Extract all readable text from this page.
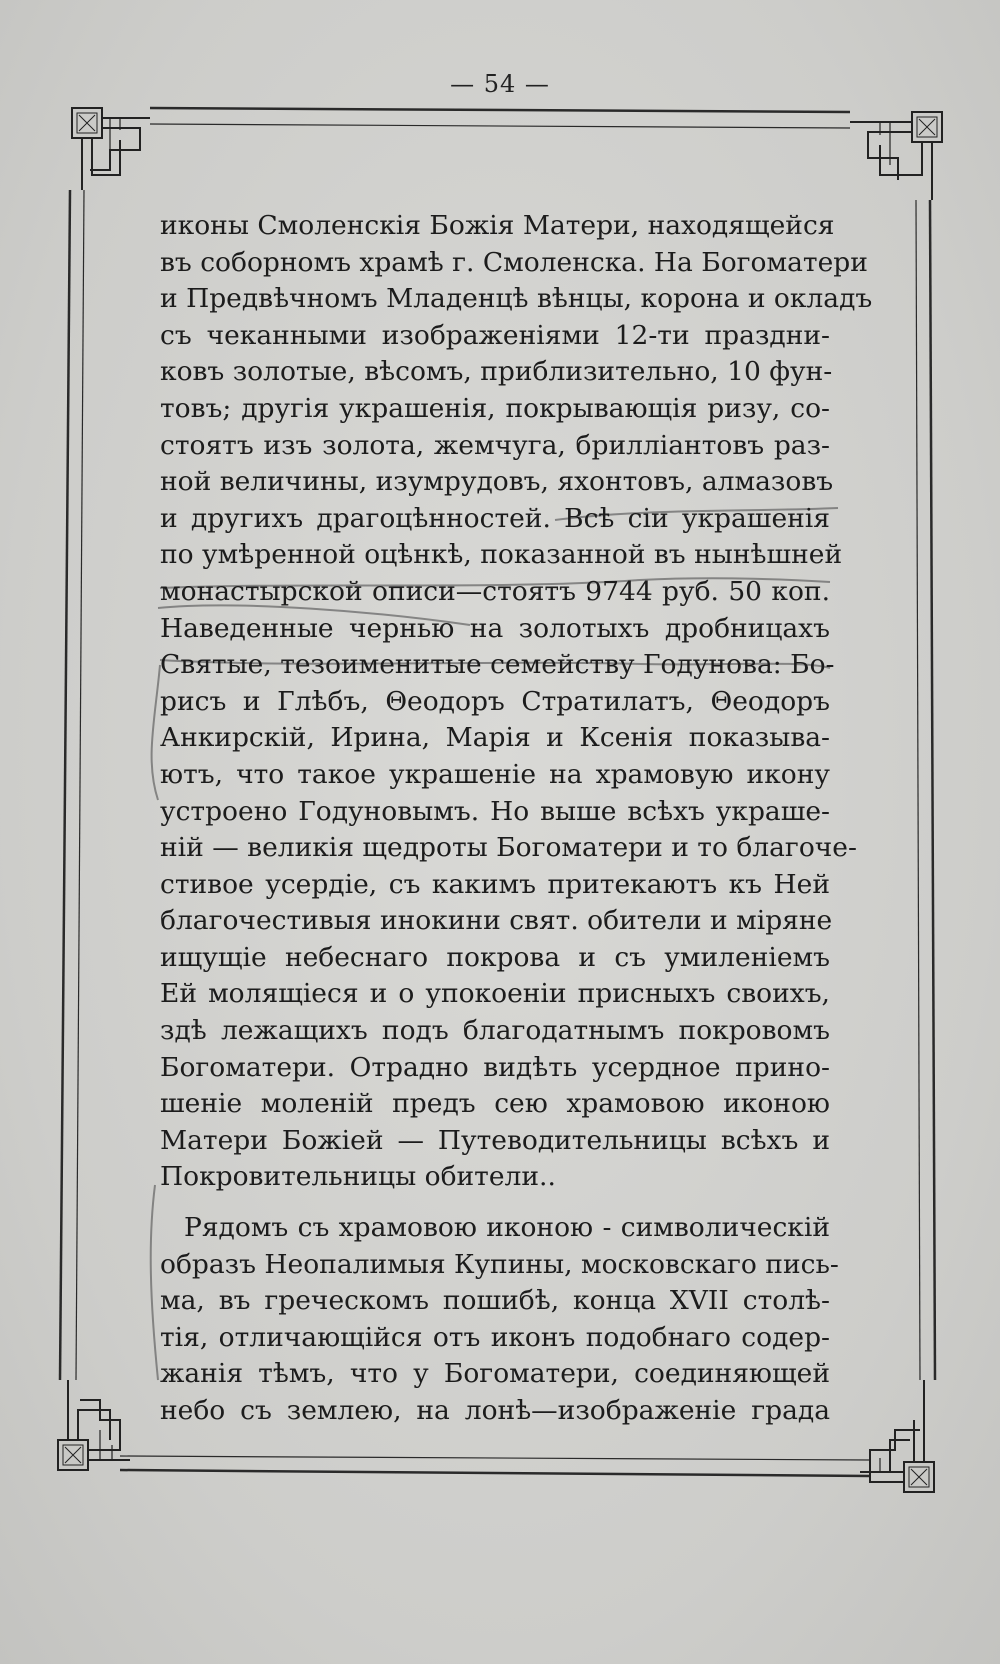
— 54 —
иконы Смоленскія Божія Матери, находящейся
въ соборномъ храмѣ г. Смоленска. На Богоматери
и Предвѣчномъ Младенцѣ вѣнцы, корона и окладъ
съ чеканными изображеніями 12-ти праздни-
ковъ золотые, вѣсомъ, приблизительно, 10 фун-
товъ; другія украшенія, покрывающія ризу, со-
стоятъ изъ золота, жемчуга, брилліантовъ раз-
ной величины, изумрудовъ, яхонтовъ, алмазовъ
и другихъ драгоцѣнностей. Всѣ сіи украшенія
по умѣренной оцѣнкѣ, показанной въ нынѣшней
монастырской описи—стоятъ 9744 руб. 50 коп.
Наведенные чернью на золотыхъ дробницахъ
Святые, тезоименитые семейству Годунова: Бо-
рисъ и Глѣбъ, Θеодоръ Стратилатъ, Θеодоръ
Анкирскій, Ирина, Марія и Ксенія показыва-
ютъ, что такое украшеніе на храмовую икону
устроено Годуновымъ. Но выше всѣхъ украше-
ній — великія щедроты Богоматери и то благоче-
стивое усердіе, съ какимъ притекаютъ къ Ней
благочестивыя инокини свят. обители и міряне
ищущіе небеснаго покрова и съ умиленіемъ
Ей молящіеся и о упокоеніи присныхъ своихъ,
здѣ лежащихъ подъ благодатнымъ покровомъ
Богоматери. Отрадно видѣть усердное прино-
шеніе моленій предъ сею храмовою иконою
Матери Божіей — Путеводительницы всѣхъ и
Покровительницы обители..
Рядомъ съ храмовою иконою - символическій
образъ Неопалимыя Купины, московскаго пись-
ма, въ греческомъ пошибѣ, конца XVII столѣ-
тія, отличающійся отъ иконъ подобнаго содер-
жанія тѣмъ, что у Богоматери, соединяющей
небо съ землею, на лонѣ—изображеніе града
